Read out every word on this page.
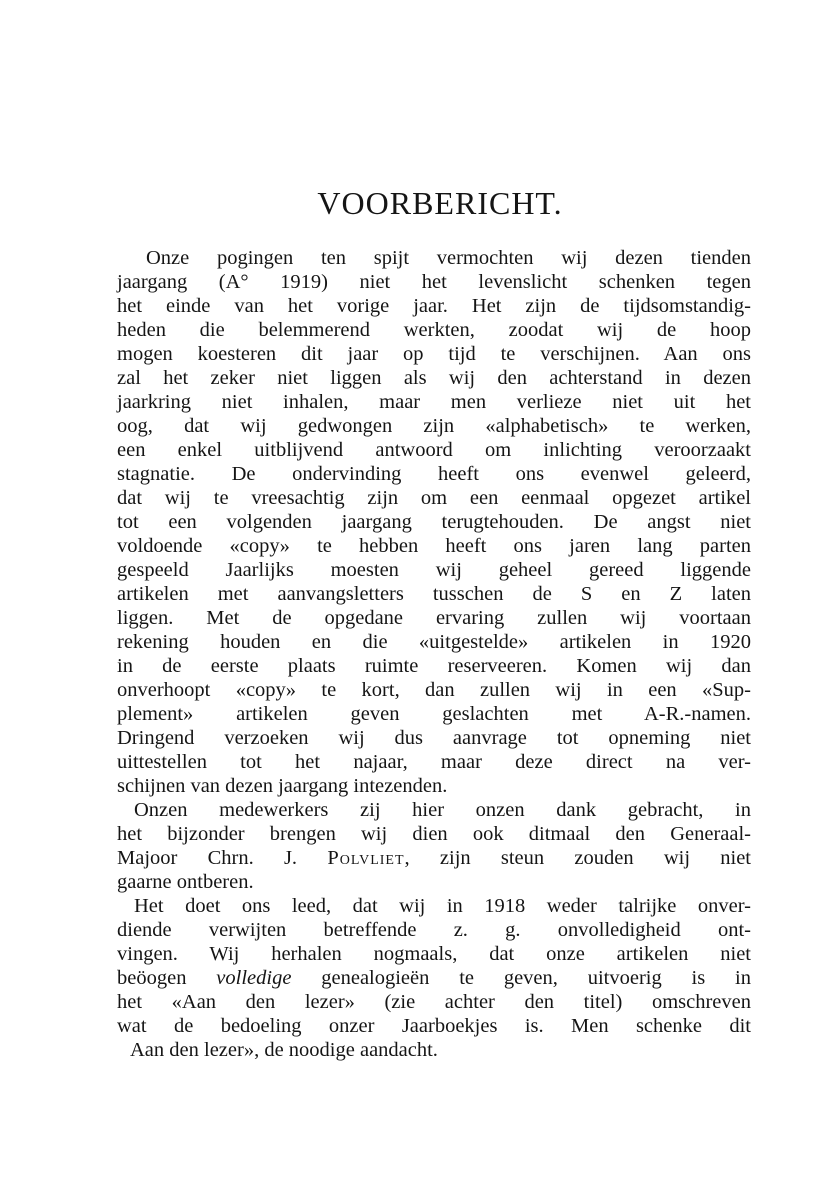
VOORBERICHT.
Onze pogingen ten spijt vermochten wij dezen tienden
jaargang (A° 1919) niet het levenslicht schenken tegen
het einde van het vorige jaar. Het zijn de tijdsomstandig-
heden die belemmerend werkten, zoodat wij de hoop
mogen koesteren dit jaar op tijd te verschijnen. Aan ons
zal het zeker niet liggen als wij den achterstand in dezen
jaarkring niet inhalen, maar men verlieze niet uit het
oog, dat wij gedwongen zijn «alphabetisch» te werken,
een enkel uitblijvend antwoord om inlichting veroorzaakt
stagnatie. De ondervinding heeft ons evenwel geleerd,
dat wij te vreesachtig zijn om een eenmaal opgezet artikel
tot een volgenden jaargang terugtehouden. De angst niet
voldoende «copy» te hebben heeft ons jaren lang parten
gespeeld Jaarlijks moesten wij geheel gereed liggende
artikelen met aanvangsletters tusschen de S en Z laten
liggen. Met de opgedane ervaring zullen wij voortaan
rekening houden en die «uitgestelde» artikelen in 1920
in de eerste plaats ruimte reserveeren. Komen wij dan
onverhoopt «copy» te kort, dan zullen wij in een «Sup-
plement» artikelen geven geslachten met A-R.-namen.
Dringend verzoeken wij dus aanvrage tot opneming niet
uittestellen tot het najaar, maar deze direct na ver-
schijnen van dezen jaargang intezenden.
Onzen medewerkers zij hier onzen dank gebracht, in
het bijzonder brengen wij dien ook ditmaal den Generaal-
Majoor Chrn. J. Polvliet, zijn steun zouden wij niet
gaarne ontberen.
Het doet ons leed, dat wij in 1918 weder talrijke onver-
diende verwijten betreffende z. g. onvolledigheid ont-
vingen. Wij herhalen nogmaals, dat onze artikelen niet
beöogen volledige genealogieën te geven, uitvoerig is in
het «Aan den lezer» (zie achter den titel) omschreven
wat de bedoeling onzer Jaarboekjes is. Men schenke dit
Aan den lezer», de noodige aandacht.
